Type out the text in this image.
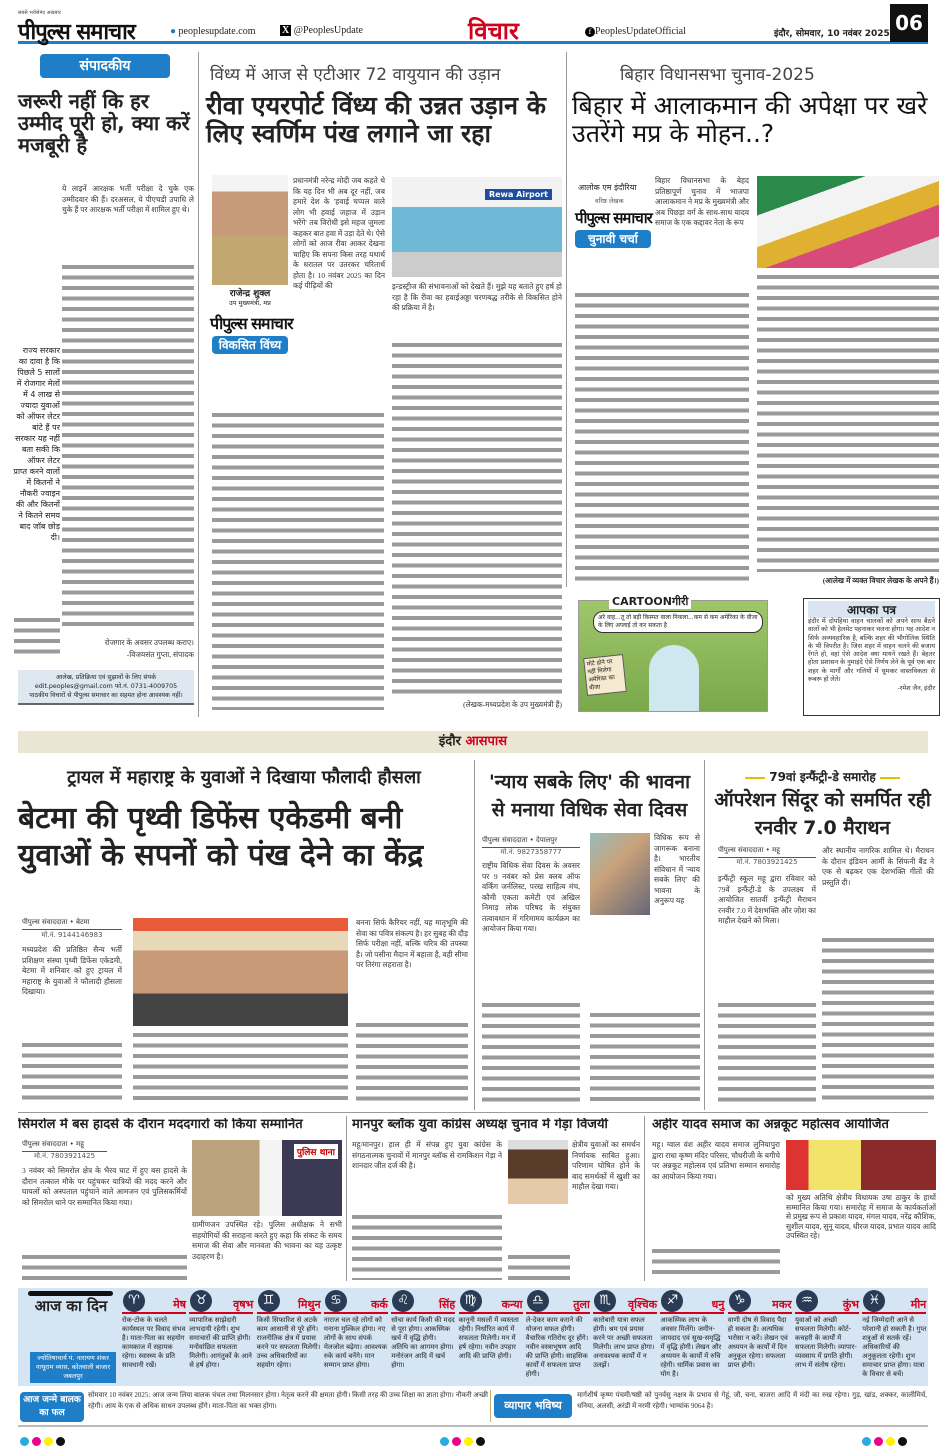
सबसे भरोसेमंद अखबार
पीपुल्स समाचार	● peoplesupdate.com	X @PeoplesUpdate	विचार	f PeoplesUpdateOfficial	इंदौर, सोमवार, 10 नवंबर 2025 06
संपादकीय
जरूरी नहीं कि हर उम्मीद पूरी हो, क्या करें मजबूरी है
ये लाइनें आरक्षक भर्ती परीक्षा दे चुके एक उम्मीदवार की हैं। दरअसल, ये पीएचडी उपाधि ले चुके हैं पर आरक्षक भर्ती परीक्षा में शामिल हुए थे।
राज्य सरकार का दावा है कि पिछले 5 सालों में रोजगार मेलों में 4 लाख से ज्यादा युवाओं को ऑफर लेटर बांटे हैं पर सरकार यह नहीं बता सकी कि ऑफर लेटर प्राप्त करने वालों में कितनों ने नौकरी ज्वाइन की और कितनों ने कितने समय बाद जॉब छोड़ दी।
रोजगार के अवसर उपलब्ध कराए।
-विजयसंत गुप्ता, संपादक
आलेख, प्रतिक्रिया एवं सुझावों के लिए संपर्क
edit.peoples@gmail.com फो.नं. 0731-4009705
पाठकीय विचारों से पीपुल्स समाचार का सहमत होना आवश्यक नहीं।
विंध्य में आज से एटीआर 72 वायुयान की उड़ान
रीवा एयरपोर्ट विंध्य की उन्नत उड़ान के लिए स्वर्णिम पंख लगाने जा रहा
राजेन्द्र शुक्ल
उप मुख्यमंत्री, मप्र
पीपुल्स समाचार
विकसित विंध्य
प्रधानमंत्री नरेन्द्र मोदी जब कहते थे कि यह दिन भी अब दूर नहीं, जब हमारे देश के 'हवाई चप्पल वाले लोग भी हवाई जहाज में उड़ान भरेंगे' तब विरोधी इसे महज जुमला कहकर बात हवा में उड़ा देते थे। ऐसे लोगों को आज रीवा आकर देखना चाहिए कि सपना किस तरह यथार्थ के धरातल पर उतरकर चरितार्थ होता है। 10 नवंबर 2025 का दिन कई पीढ़ियों की
Rewa Airport
इन्डस्ट्रीज की संभावनाओं को देखते हैं। मुझे यह बताते हुए हर्ष हो रहा है कि रीवा का हवाईअड्डा चरणबद्ध तरीके से विकसित होने की प्रक्रिया में है।
(लेखक-मध्यप्रदेश के उप मुख्यमंत्री हैं)
बिहार विधानसभा चुनाव-2025
बिहार में आलाकमान की अपेक्षा पर खरे उतरेंगे मप्र के मोहन..?
आलोक एम इंदौरिया
वरिष्ठ लेखक
पीपुल्स समाचार
चुनावी चर्चा
बिहार विधानसभा के बेहद प्रतिष्ठापूर्ण चुनाव में भाजपा आलाकमान ने मप्र के मुख्यमंत्री और अब पिछड़ा वर्ग के साथ-साथ यादव समाज के एक कद्दावर नेता के रूप
(आलेख में व्यक्त विचार लेखक के अपने हैं।)
CARTOONगीरी
अरे वाह...तू तो बड़ी किस्मत वाला निकला...कम से कम अमेरिका के वीजा के लिए अप्लाई तो कर सकता है
मोटे होने पर नहीं मिलेगा अमेरिका का वीजा
आपका पत्र
इंदौर में दोपहिया वाहन चालकों को अपने साथ बैठने वालों को भी हेलमेट पहनाकर चलना होगा। यह आदेश न सिर्फ अव्यवहारिक है, बल्कि शहर की भौगोलिक स्थिति के भी विपरीत है। जिस शहर में वाहन चलने की बजाय रेंगते हो, वहां ऐसे आदेश क्या मायने रखते हैं। बेहतर होता प्रशासन के नुमाइंदे ऐसे निर्णय लेने के पूर्व एक बार शहर के मार्गों और गलियों में घूमकर वास्तविकता से रूबरू हो लेते।
-रमेश जैन, इंदौर
इंदौर आसपास
ट्रायल में महाराष्ट्र के युवाओं ने दिखाया फौलादी हौसला
बेटमा की पृथ्वी डिफेंस एकेडमी बनी युवाओं के सपनों को पंख देने का केंद्र
पीपुल्स संवाददाता • बेटमा
मो.नं. 9144146983
मध्यप्रदेश की प्रतिष्ठित सैन्य भर्ती प्रशिक्षण संस्था पृथ्वी डिफेंस एकेडमी, बेटमा में शनिवार को हुए ट्रायल में महाराष्ट्र के युवाओं ने फौलादी हौसला दिखाया।
बनना सिर्फ कैरियर नहीं, यह मातृभूमि की सेवा का पवित्र संकल्प है। हर सुबह की दौड़ सिर्फ परीक्षा नहीं, बल्कि चरित्र की तपस्या है। जो पसीना मैदान में बहाता है, वही सीमा पर तिरंगा लहराता है।
'न्याय सबके लिए' की भावना से मनाया विधिक सेवा दिवस
पीपुल्स संवाददाता • देपालपुर
मो.नं. 9827358777
राष्ट्रीय विधिक सेवा दिवस के अवसर पर 9 नवंबर को प्रेस क्लब ऑफ वर्किंग जर्नलिस्ट, परख साहित्य मंच, कौमी एकता कमेटी एवं अखिल निमाड़ लोक परिषद के संयुक्त तत्वावधान में गरिमामय कार्यक्रम का आयोजन किया गया।
विधिक रूप से जागरूक बनाना है। भारतीय संविधान में 'न्याय सबके लिए' की भावना के अनुरूप यह
79वां इन्फैंट्री-डे समारोह
ऑपरेशन सिंदूर को समर्पित रही रनवीर 7.0 मैराथन
पीपुल्स संवाददाता • महू
मो.नं. 7803921425
इन्फैंट्री स्कूल महू द्वारा रविवार को 79वें इन्फैंट्री-डे के उपलक्ष्य में आयोजित सातवीं इन्फैंट्री मैराथन रनवीर 7.0 में देशभक्ति और जोश का माहौल देखने को मिला।
और स्थानीय नागरिक शामिल थे। मैराथन के दौरान इंडियन आर्मी के सिंफनी बैंड ने एक से बढ़कर एक देशभक्ति गीतों की प्रस्तुति दी।
सिमरोल में बस हादसे के दौरान मददगारों को किया सम्मानित
पीपुल्स संवाददाता • महू
मो.नं. 7803921425
3 नवंबर को सिमरोल क्षेत्र के भैरव घाट में हुए बस हादसे के दौरान तत्काल मौके पर पहुंचकर यात्रियों की मदद करने और घायलों को अस्पताल पहुंचाने वाले आमजन एवं पुलिसकर्मियों को सिमरोल थाने पर सम्मानित किया गया।
पुलिस थाना
ग्रामीणजन उपस्थित रहे। पुलिस अधीक्षक ने सभी सहयोगियों की सराहना करते हुए कहा कि संकट के समय समाज की सेवा और मानवता की भावना का यह उत्कृष्ट उदाहरण है।
मानपुर ब्लॉक युवा कांग्रेस अध्यक्ष चुनाव में गेड़ा विजयी
महू/मानपुर। हाल ही में संपन्न हुए युवा कांग्रेस के संगठनात्मक चुनावों में मानपुर ब्लॉक से रामकिशन गेड़ा ने शानदार जीत दर्ज की है।
क्षेत्रीय युवाओं का समर्थन निर्णायक साबित हुआ। परिणाम घोषित होने के बाद समर्थकों में खुशी का माहौल देखा गया।
अहीर यादव समाज का अन्नकूट महोत्सव आयोजित
महू। ग्वाल वंश अहीर यादव समाज लुनियापुरा द्वारा राधा कृष्ण मंदिर परिसर, चौधरीजी के बगीचे पर अन्नकूट महोत्सव एवं प्रतिभा सम्मान समारोह का आयोजन किया गया।
को मुख्य अतिथि क्षेत्रीय विधायक उषा ठाकुर के हाथों सम्मानित किया गया। समारोह में समाज के कार्यकर्ताओं से प्रमुख रूप से प्रकाश यादव, मंगल यादव, नरेंद्र कौशिक, सुशील यादव, सुनू यादव, धीरज यादव, प्रभात यादव आदि उपस्थित रहे।
आज का दिन
ज्योतिषाचार्य पं. नारायण शंकर नाथूराम व्यास, कोतवाली बाजार जबलपुर
♈	मेष
रोक-टोक के चलते कार्यस्थल पर विवाद संभव है। माता-पिता का सहयोग कामकाज में सहायक रहेगा। स्वास्थ्य के प्रति सावधानी रखें।
♉	वृषभ
व्यापारिक साझेदारी लाभदायी रहेगी। शुभ समाचारों की प्राप्ति होगी। मनोवांछित सफलता मिलेगी। आगंतुकों के आने से हर्ष होगा।
♊	मिथुन
किसी सिफारिश से अटके काम आसानी से पूरे होंगे। राजनीतिक क्षेत्र में प्रयास करने पर सफलता मिलेगी। उच्च अधिकारियों का सहयोग रहेगा।
♋	कर्क
नाराज चल रहे लोगों को मनाना मुश्किल होगा। नए लोगों के साथ संपर्क मेलजोल बढ़ेगा। आवश्यक रुके कार्य बनेंगे। मान सम्मान प्राप्त होगा।
♌	सिंह
सोचा कार्य किसी की मदद से पूरा होगा। आकस्मिक खर्च में वृद्धि होगी। अतिथि का आगमन होगा। मनोरंजन आदि में खर्च होगा।
♍	कन्या
कानूनी मसलों में व्यस्तता रहेगी। निर्धारित कार्य में सफलता मिलेगी। मन में हर्ष रहेगा। नवीन उपहार आदि की प्राप्ति होगी।
♎	तुला
ले-देकर काम कराने की योजना सफल होगी। वैचारिक गतिरोध दूर होंगे। नवीन वस्त्राभूषण आदि की प्राप्ति होगी। साहसिक कार्यों में सफलता प्राप्त होगी।
♏	वृश्चिक
कारोबारी यात्रा सफल होगी। श्रम एवं प्रयास करने पर अच्छी सफलता मिलेगी। लाभ प्राप्त होगा। अनावश्यक कार्यों में न उलझें।
♐	धनु
आकस्मिक लाभ के अवसर मिलेंगे। जमीन-जायदाद एवं सुख-समृद्धि में वृद्धि होगी। लेखन और अध्ययन के कार्यों में रुचि रहेगी। धार्मिक प्रवास का योग है।
♑	मकर
वाणी दोष से विवाद पैदा हो सकता है। अत्यधिक भरोसा न करें। लेखन एवं अध्ययन के कार्यों में दिन अनुकूल रहेगा। सफलता प्राप्त होगी।
♒	कुंभ
युवाओं को अच्छी सफलता मिलेगी। कोर्ट-कचहरी के कार्यों में सफलता मिलेगी। व्यापार-व्यवसाय में प्रगति होगी। लाभ में संतोष रहेगा।
♓	मीन
नई जिम्मेदारी आने से परेशानी हो सकती है। गुप्त शत्रुओं से सतर्क रहें। अधिकारियों की अनुकूलता रहेगी। शुभ समाचार प्राप्त होगा। यात्रा के विचार से बचें।
आज जन्मे बालक का फल
सोमवार 10 नवंबर 2025: आज जन्म लिया बालक चंचल तथा मिलनसार होगा। नेतृत्व करने की क्षमता होगी। किसी तरह की उच्च शिक्षा का ज्ञाता होगा। नौकरी अच्छी रहेगी। आय के एक से अधिक साधन उपलब्ध होंगे। माता-पिता का भक्त होगा।	व्यापार भविष्य
मार्गशीर्ष कृष्ण पंचमी/षष्ठी को पुनर्वसु नक्षत्र के प्रभाव से गेहूं, जौ, चना, बाजरा आदि में मंदी का रुख रहेगा। गुड़, खांड, शक्कर, कालीमिर्च, धनिया, अलसी, अरंडी में नरमी रहेगी। भाग्यांक 9064 है।
